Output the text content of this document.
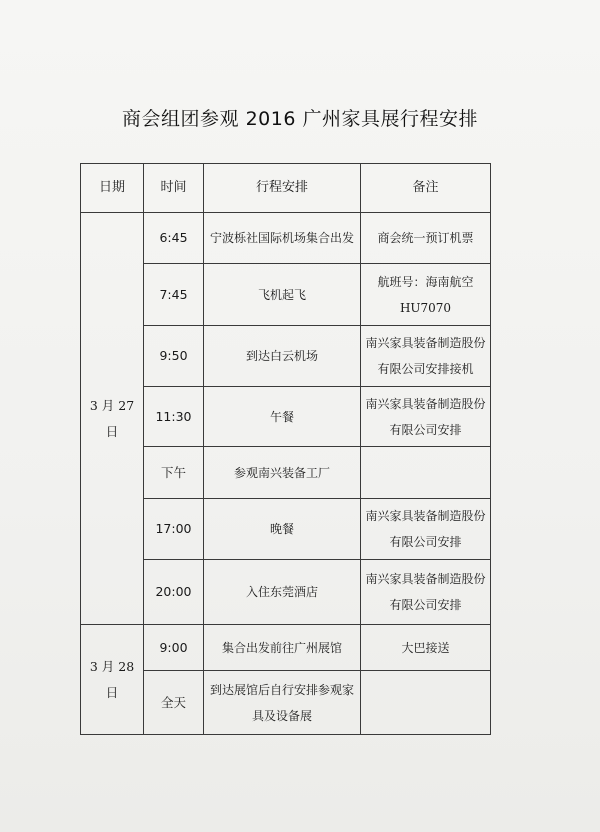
商会组团参观 2016 广州家具展行程安排
日期	时间	行程安排	备注
3 月 27 日	6:45	宁波栎社国际机场集合出发	商会统一预订机票

	7:45	飞机起飞	航班号：海南航空
HU7070

	9:50	到达白云机场	南兴家具装备制造股份
有限公司安排接机

	11:30	午餐	南兴家具装备制造股份
有限公司安排

	下午	参观南兴装备工厂	
	17:00	晚餐	南兴家具装备制造股份
有限公司安排

	20:00	入住东莞酒店	南兴家具装备制造股份
有限公司安排

3 月 28 日	9:00	集合出发前往广州展馆	大巴接送

	全天	到达展馆后自行安排参观家
具及设备展	
